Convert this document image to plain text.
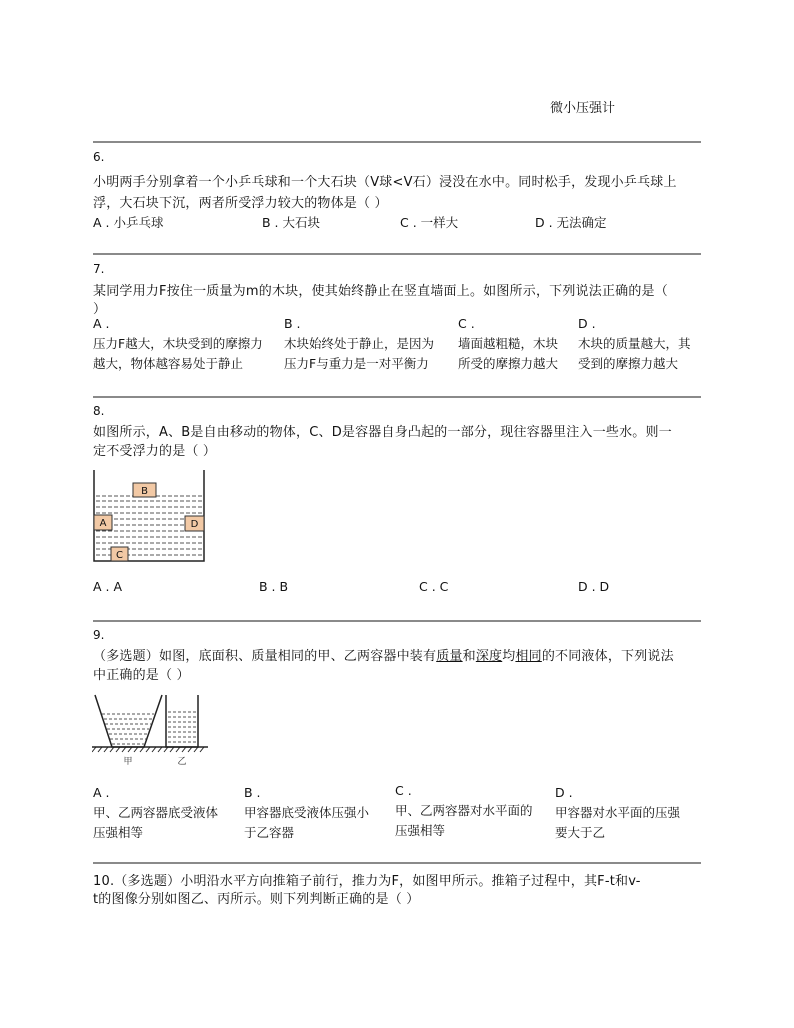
微小压强计
6.
小明两手分别拿着一个小乒乓球和一个大石块（V球<V石）浸没在水中。同时松手，发现小乒乓球上
浮，大石块下沉，两者所受浮力较大的物体是（ ）
A . 小乒乓球	B . 大石块	C . 一样大	D . 无法确定
7.
某同学用力F按住一质量为m的木块，使其始终静止在竖直墙面上。如图所示，下列说法正确的是（
）
A .
压力F越大，木块受到的摩擦力
越大，物体越容易处于静止
B .
木块始终处于静止，是因为
压力F与重力是一对平衡力
C .
墙面越粗糙，木块
所受的摩擦力越大
D .
木块的质量越大，其
受到的摩擦力越大
8.
如图所示，A、B是自由移动的物体，C、D是容器自身凸起的一部分，现往容器里注入一些水。则一
定不受浮力的是（ ）
B
A	D
C
A . A	B . B	C . C	D . D
9.
（多选题）如图，底面积、质量相同的甲、乙两容器中装有质量和深度均相同的不同液体，下列说法
中正确的是（ ）
甲	乙
A .
甲、乙两容器底受液体
压强相等
B .
甲容器底受液体压强小
于乙容器
C .
甲、乙两容器对水平面的
压强相等
D .
甲容器对水平面的压强
要大于乙
10.（多选题）小明沿水平方向推箱子前行，推力为F，如图甲所示。推箱子过程中，其F-t和v-
t的图像分别如图乙、丙所示。则下列判断正确的是（ ）
